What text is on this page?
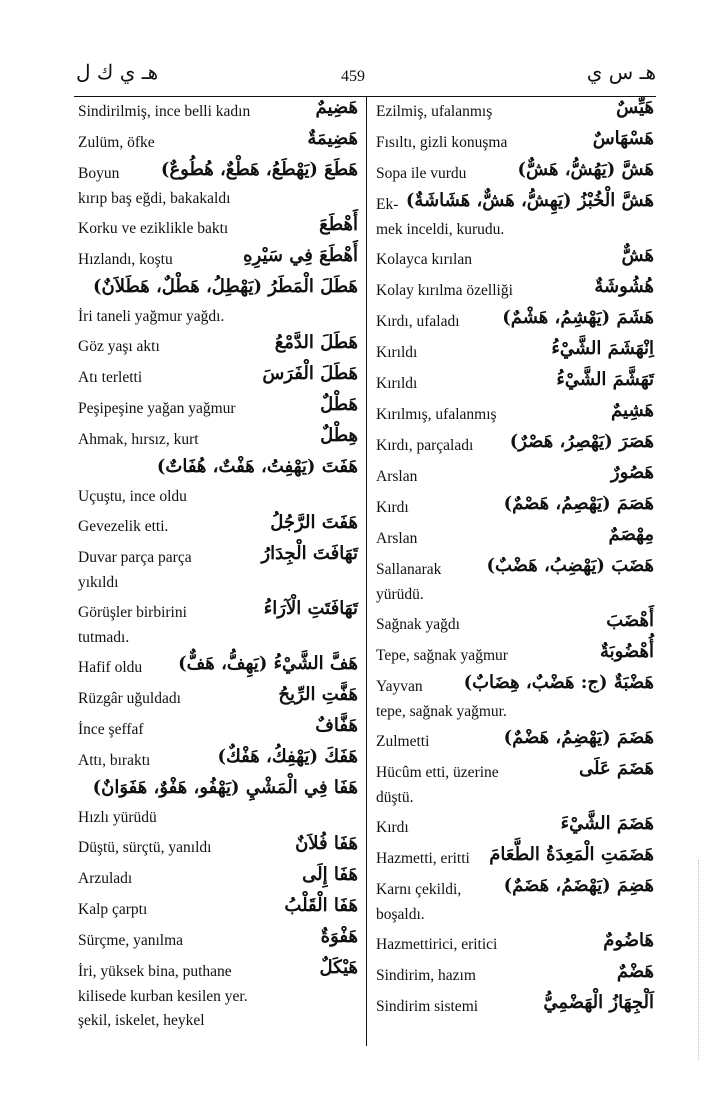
هـ ي ك ل	459	هـ س ي
Sindirilmiş, ince belli kadın	هَضِيمٌ
Zulüm, öfke	هَضِيمَةٌ
Boyun هَطَعَ (يَهْطَعُ، هَطْعٌ، هُطُوعٌ)
kırıp baş eğdi, bakakaldı
Korku ve eziklikle baktı	أَهْطَعَ
Hızlandı, koştu	أَهْطَعَ فِي سَيْرِهِ
هَطَلَ الْمَطَرُ (يَهْطِلُ، هَطْلٌ، هَطَلاَنٌ)
İri taneli yağmur yağdı.
Göz yaşı aktı	هَطَلَ الدَّمْعُ
Atı terletti	هَطَلَ الْفَرَسَ
Peşipeşine yağan yağmur	هَطْلٌ
Ahmak, hırsız, kurt	هِطْلٌ
هَفَتَ (يَهْفِتُ، هَفْتٌ، هُفَاتٌ)
Uçuştu, ince oldu
Gevezelik etti.	هَفَتَ الرَّجُلُ
Duvar parça parça	تَهَافَتَ الْجِدَارُ
yıkıldı
Görüşler birbirini	تَهَافَتَتِ الْآرَاءُ
tutmadı.
Hafif oldu هَفَّ الشَّيْءُ (يَهِفُّ، هَفٌّ)
Rüzgâr uğuldadı	هَفَّتِ الرِّيحُ
İnce şeffaf	هَفَّافٌ
Attı, bıraktı	هَفَكَ (يَهْفِكُ، هَفْكٌ)
هَفَا فِي الْمَشْيِ (يَهْفُو، هَفْوٌ، هَفَوَانٌ)
Hızlı yürüdü
Düştü, sürçtü, yanıldı	هَفَا فُلاَنٌ
Arzuladı	هَفَا إِلَى
Kalp çarptı	هَفَا الْقَلْبُ
Sürçme, yanılma	هَفْوَةٌ
İri, yüksek bina, puthane	هَيْكَلٌ
kilisede kurban kesilen yer.
şekil, iskelet, heykel
Ezilmiş, ufalanmış	هَيِّسٌ
Fısıltı, gizli konuşma	هَسْهَاسٌ
Sopa ile vurdu	هَشَّ (يَهُشُّ، هَشٌّ)
Ek- هَشَّ الْخُبْزُ (يَهِشُّ، هَشٌّ، هَشَاشَةٌ)
mek inceldi, kurudu.
Kolayca kırılan	هَشٌّ
Kolay kırılma özelliği	هُشُوشَةٌ
Kırdı, ufaladı هَشَمَ (يَهْشِمُ، هَشْمٌ)
Kırıldı	اِنْهَشَمَ الشَّيْءُ
Kırıldı	تَهَشَّمَ الشَّيْءُ
Kırılmış, ufalanmış	هَشِيمٌ
Kırdı, parçaladı هَصَرَ (يَهْصِرُ، هَصْرٌ)
Arslan	هَصُورٌ
Kırdı	هَصَمَ (يَهْصِمُ، هَصْمٌ)
Arslan	مِهْصَمٌ
Sallanarak	هَضَبَ (يَهْضِبُ، هَضْبٌ)
yürüdü.
Sağnak yağdı	أَهْضَبَ
Tepe, sağnak yağmur	أُهْضُوبَةٌ
Yayvan هَضْبَةٌ (ج: هَضْبٌ، هِضَابٌ)
tepe, sağnak yağmur.
Zulmetti	هَضَمَ (يَهْضِمُ، هَضْمٌ)
Hücûm etti, üzerine	هَضَمَ عَلَى
düştü.
Kırdı	هَضَمَ الشَّيْءَ
Hazmetti, eritti هَضَمَتِ الْمَعِدَةُ الطَّعَامَ
Karnı çekildi, هَضِمَ (يَهْضَمُ، هَضَمٌ)
boşaldı.
Hazmettirici, eritici	هَاضُومٌ
Sindirim, hazım	هَضْمٌ
Sindirim sistemi	اَلْجِهَازُ الْهَضْمِيُّ
